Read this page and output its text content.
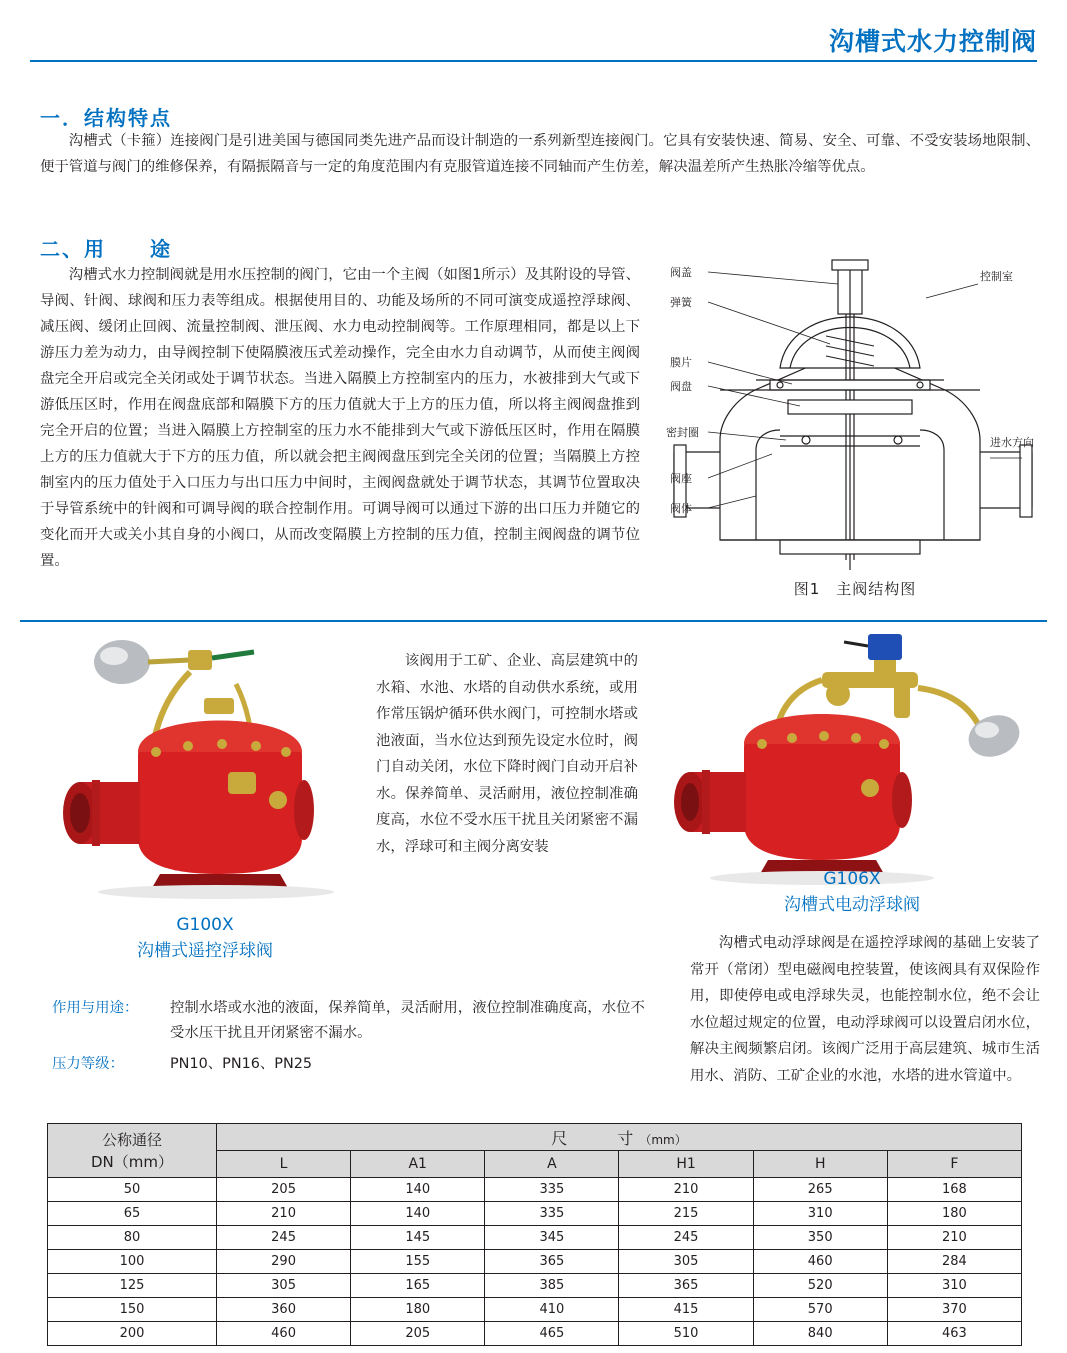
沟槽式水力控制阀
一．结构特点
沟槽式（卡箍）连接阀门是引进美国与德国同类先进产品而设计制造的一系列新型连接阀门。它具有安装快速、简易、安全、可靠、不受安装场地限制、便于管道与阀门的维修保养，有隔振隔音与一定的角度范围内有克服管道连接不同轴而产生仿差，解决温差所产生热胀冷缩等优点。
二、用　　途
沟槽式水力控制阀就是用水压控制的阀门，它由一个主阀（如图1所示）及其附设的导管、导阀、针阀、球阀和压力表等组成。根据使用目的、功能及场所的不同可演变成遥控浮球阀、减压阀、缓闭止回阀、流量控制阀、泄压阀、水力电动控制阀等。工作原理相同，都是以上下游压力差为动力，由导阀控制下使隔膜液压式差动操作，完全由水力自动调节，从而使主阀阀盘完全开启或完全关闭或处于调节状态。当进入隔膜上方控制室内的压力，水被排到大气或下游低压区时，作用在阀盘底部和隔膜下方的压力值就大于上方的压力值，所以将主阀阀盘推到完全开启的位置；当进入隔膜上方控制室的压力水不能排到大气或下游低压区时，作用在隔膜上方的压力值就大于下方的压力值，所以就会把主阀阀盘压到完全关闭的位置；当隔膜上方控制室内的压力值处于入口压力与出口压力中间时，主阀阀盘就处于调节状态，其调节位置取决于导管系统中的针阀和可调导阀的联合控制作用。可调导阀可以通过下游的出口压力并随它的变化而开大或关小其自身的小阀口，从而改变隔膜上方控制的压力值，控制主阀阀盘的调节位置。
阀盖
弹簧
膜片
阀盘
密封圈
阀座
阀体
控制室
进水方向
图1　主阀结构图
G100X
沟槽式遥控浮球阀
该阀用于工矿、企业、高层建筑中的水箱、水池、水塔的自动供水系统，或用作常压锅炉循环供水阀门，可控制水塔或池液面，当水位达到预先设定水位时，阀门自动关闭，水位下降时阀门自动开启补水。保养简单、灵活耐用，液位控制准确度高，水位不受水压干扰且关闭紧密不漏水，浮球可和主阀分离安装
G106X
沟槽式电动浮球阀
沟槽式电动浮球阀是在遥控浮球阀的基础上安装了常开（常闭）型电磁阀电控装置，使该阀具有双保险作用，即使停电或电浮球失灵，也能控制水位，绝不会让水位超过规定的位置，电动浮球阀可以设置启闭水位，解决主阀频繁启闭。该阀广泛用于高层建筑、城市生活用水、消防、工矿企业的水池，水塔的进水管道中。
作用与用途：	控制水塔或水池的液面，保养简单，灵活耐用，液位控制准确度高，水位不受水压干扰且开闭紧密不漏水。
压力等级：	PN10、PN16、PN25
公称通径
DN（mm）	尺　　寸（mm）					
	L	A1	A	H1	H	F
50	205	140	335	210	265	168
65	210	140	335	215	310	180
80	245	145	345	245	350	210
100	290	155	365	305	460	284
125	305	165	385	365	520	310
150	360	180	410	415	570	370
200	460	205	465	510	840	463
